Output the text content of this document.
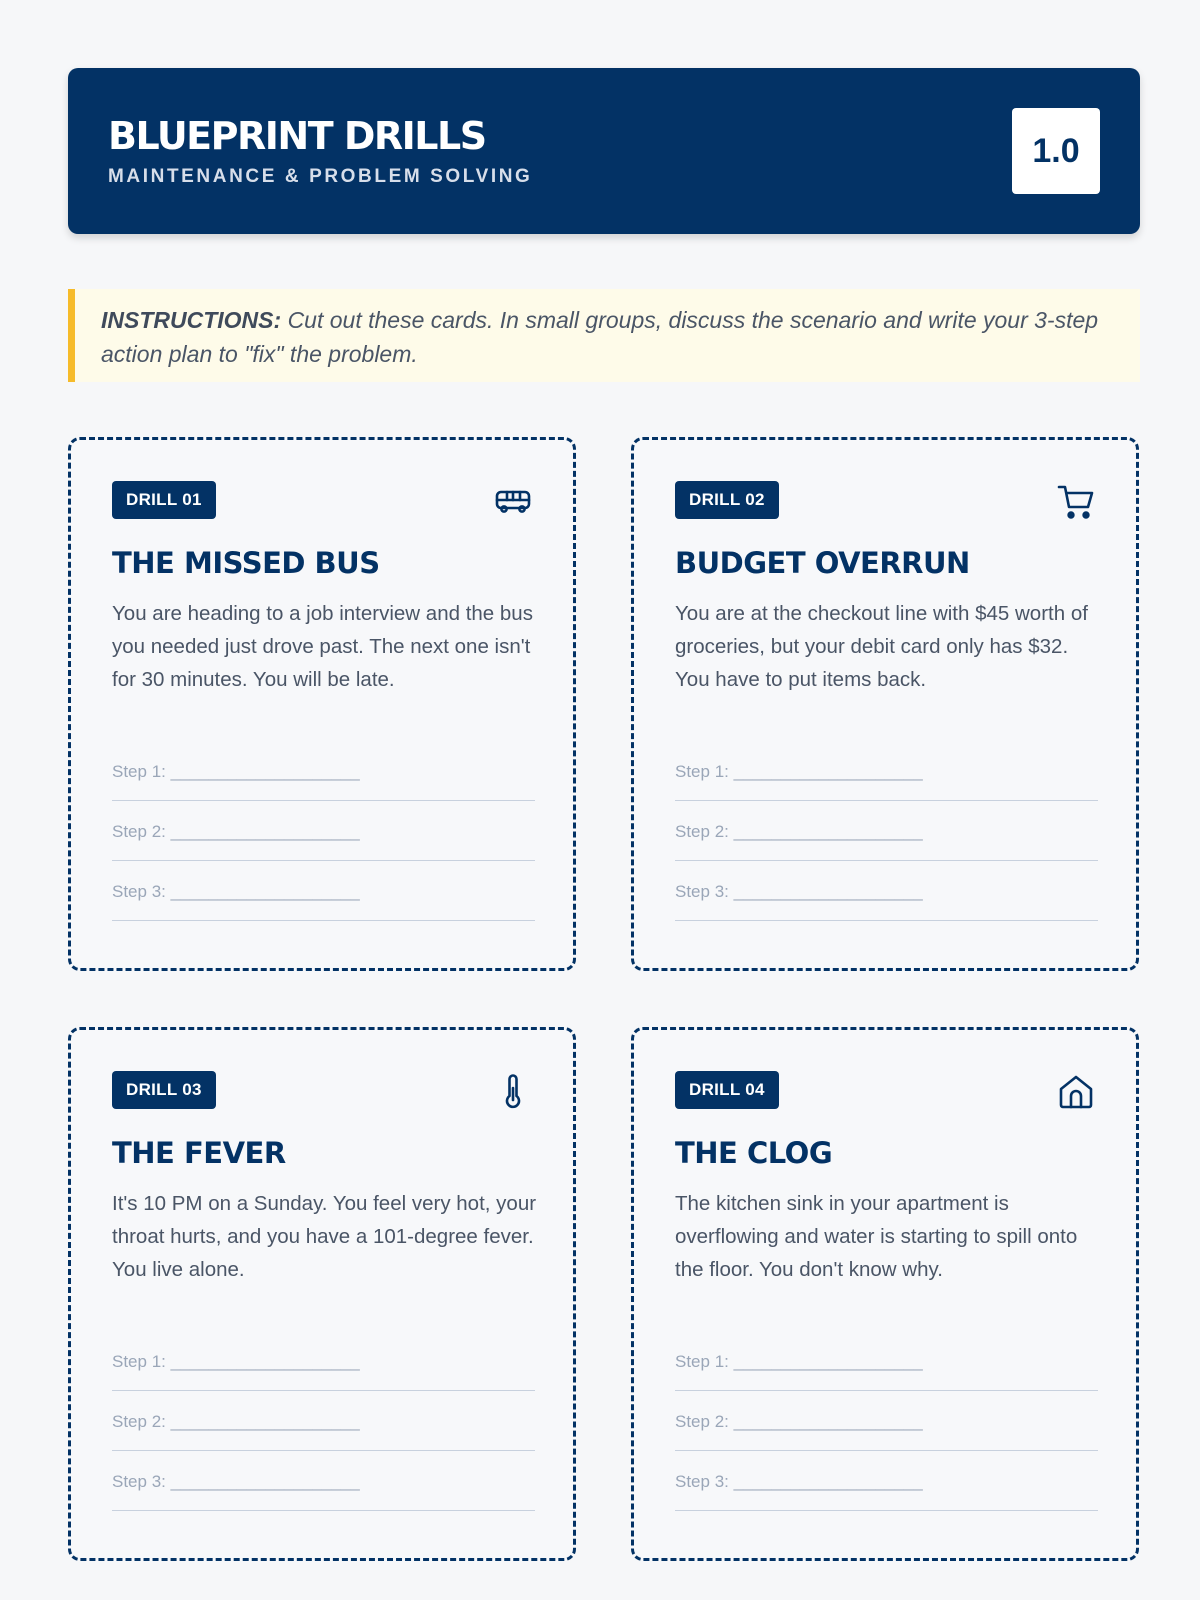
BLUEPRINT DRILLS
MAINTENANCE & PROBLEM SOLVING
1.0
INSTRUCTIONS: Cut out these cards. In small groups, discuss the scenario and write your 3-step action plan to "fix" the problem.
DRILL 01
THE MISSED BUS
You are heading to a job interview and the bus you needed just drove past. The next one isn't for 30 minutes. You will be late.
Step 1: ____________________
Step 2: ____________________
Step 3: ____________________
DRILL 02
BUDGET OVERRUN
You are at the checkout line with $45 worth of groceries, but your debit card only has $32. You have to put items back.
Step 1: ____________________
Step 2: ____________________
Step 3: ____________________
DRILL 03
THE FEVER
It's 10 PM on a Sunday. You feel very hot, your throat hurts, and you have a 101-degree fever. You live alone.
Step 1: ____________________
Step 2: ____________________
Step 3: ____________________
DRILL 04
THE CLOG
The kitchen sink in your apartment is overflowing and water is starting to spill onto the floor. You don't know why.
Step 1: ____________________
Step 2: ____________________
Step 3: ____________________
